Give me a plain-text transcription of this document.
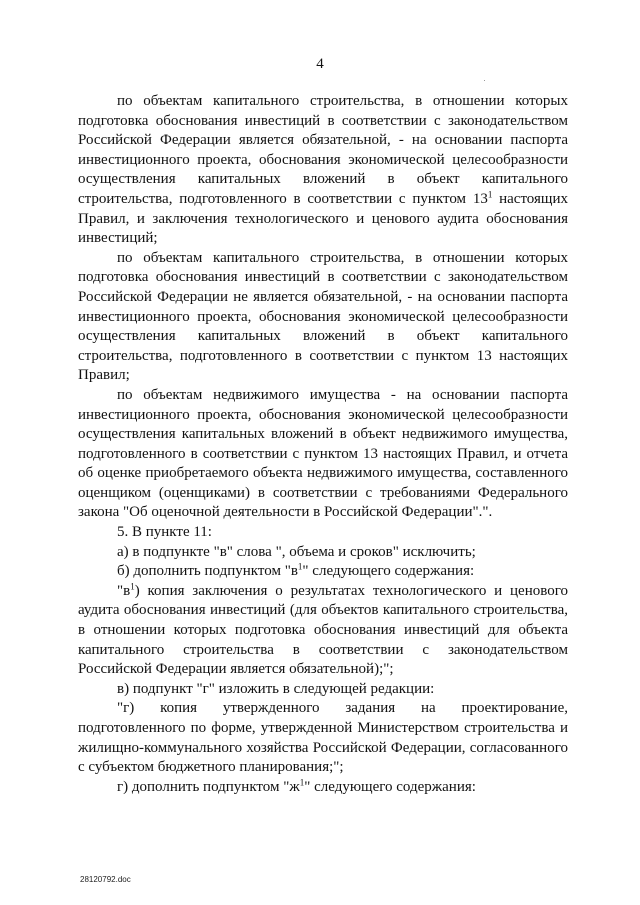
4

по объектам капитального строительства, в отношении которых подготовка обоснования инвестиций в соответствии с законодательством Российской Федерации является обязательной, - на основании паспорта инвестиционного проекта, обоснования экономической целесообразности осуществления капитальных вложений в объект капитального строительства, подготовленного в соответствии с пунктом $13^1$ настоящих Правил, и заключения технологического и ценового аудита обоснования инвестиций;

по объектам капитального строительства, в отношении которых подготовка обоснования инвестиций в соответствии с законодательством Российской Федерации не является обязательной, - на основании паспорта инвестиционного проекта, обоснования экономической целесообразности осуществления капитальных вложений в объект капитального строительства, подготовленного в соответствии с пунктом 13 настоящих Правил;

по объектам недвижимого имущества - на основании паспорта инвестиционного проекта, обоснования экономической целесообразности осуществления капитальных вложений в объект недвижимого имущества, подготовленного в соответствии с пунктом 13 настоящих Правил, и отчета об оценке приобретаемого объекта недвижимого имущества, составленного оценщиком (оценщиками) в соответствии с требованиями Федерального закона "Об оценочной деятельности в Российской Федерации".".

5. В пункте 11:

а) в подпункте "в" слова ", объема и сроков" исключить;

б) дополнить подпунктом "$в^1$" следующего содержания:

"$в^1$) копия заключения о результатах технологического и ценового аудита обоснования инвестиций (для объектов капитального строительства, в отношении которых подготовка обоснования инвестиций для объекта капитального строительства в соответствии с законодательством Российской Федерации является обязательной);";

в) подпункт "г" изложить в следующей редакции:

"г) копия утвержденного задания на проектирование, подготовленного по форме, утвержденной Министерством строительства и жилищно-коммунального хозяйства Российской Федерации, согласованного с субъектом бюджетного планирования;";

г) дополнить подпунктом "$ж^1$" следующего содержания:

28120792.doc
